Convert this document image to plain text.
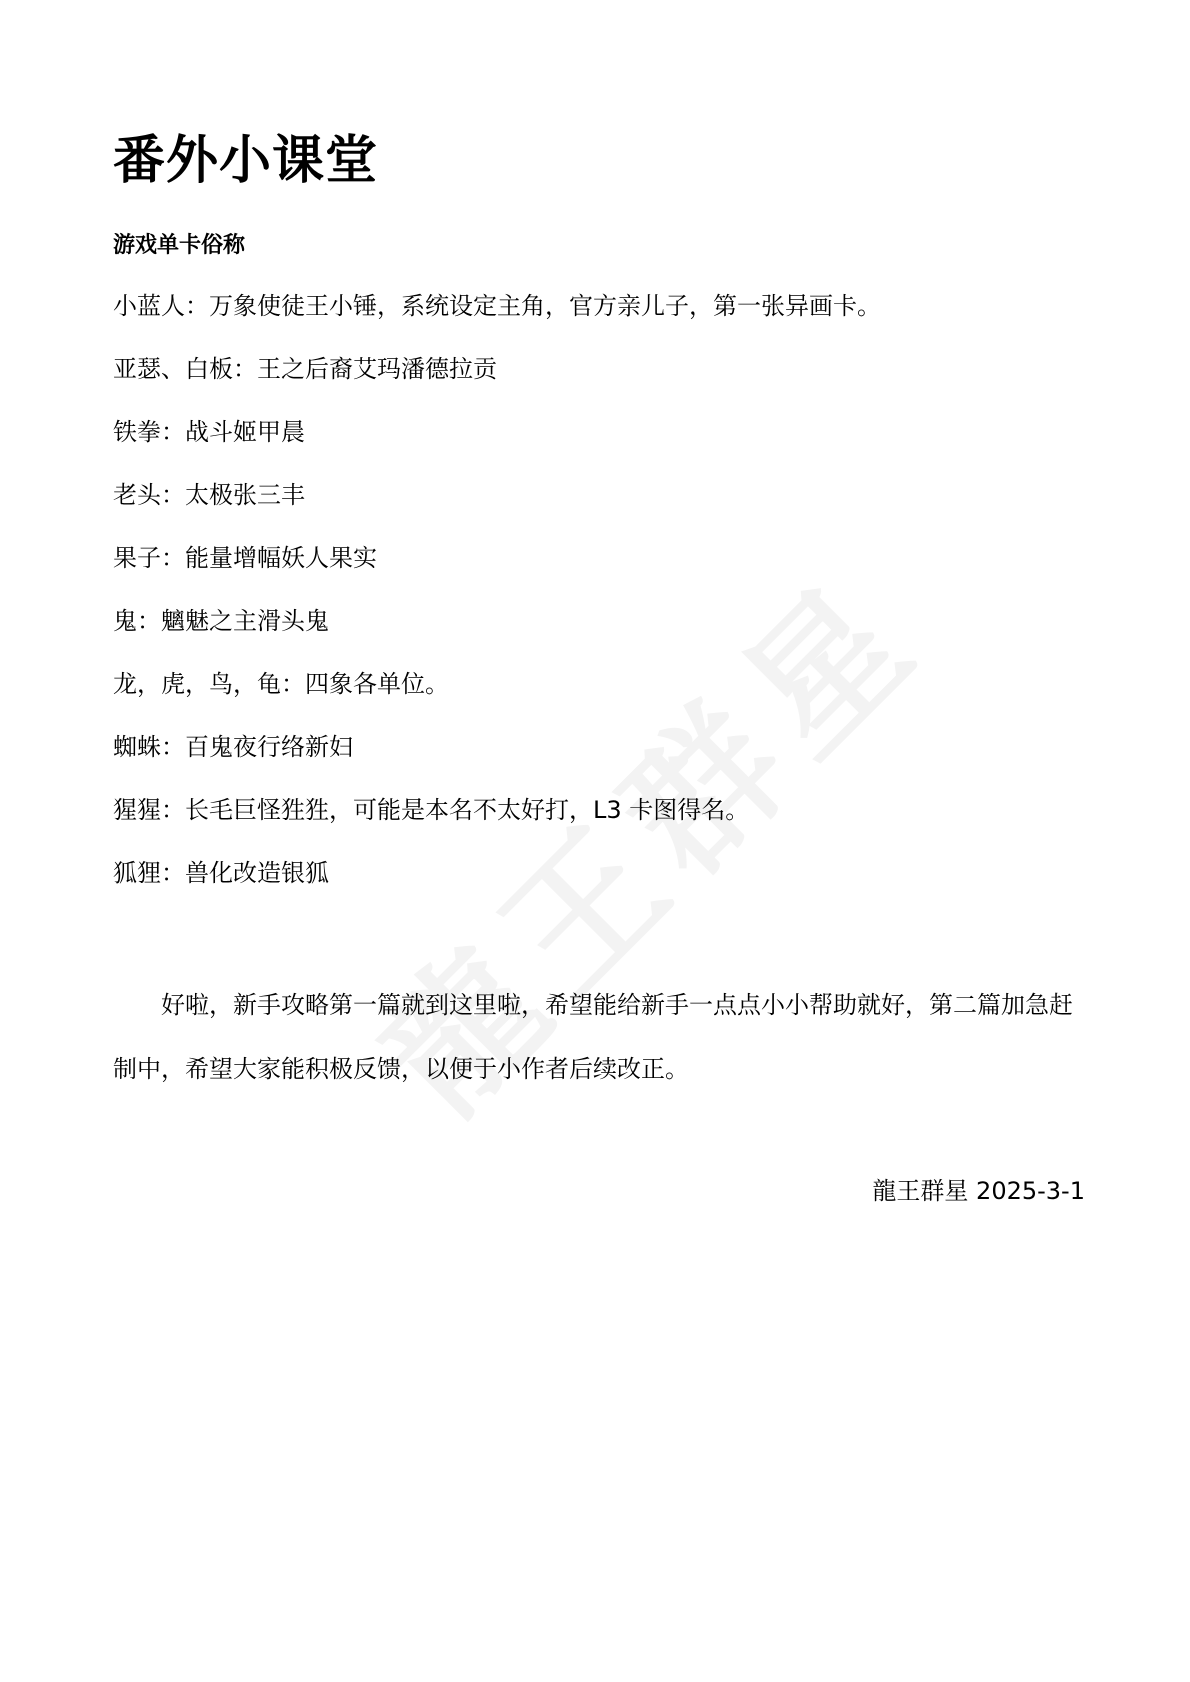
番外小课堂
游戏单卡俗称
小蓝人：万象使徒王小锤，系统设定主角，官方亲儿子，第一张异画卡。
亚瑟、白板：王之后裔艾玛潘德拉贡
铁拳：战斗姬甲晨
老头：太极张三丰
果子：能量增幅妖人果实
鬼：魑魅之主滑头鬼
龙，虎，鸟，龟：四象各单位。
蜘蛛：百鬼夜行络新妇
猩猩：长毛巨怪狌狌，可能是本名不太好打，L3 卡图得名。
狐狸：兽化改造银狐

好啦，新手攻略第一篇就到这里啦，希望能给新手一点点小小帮助就好，第二篇加急赶制中，希望大家能积极反馈，以便于小作者后续改正。

龍王群星 2025-3-1
